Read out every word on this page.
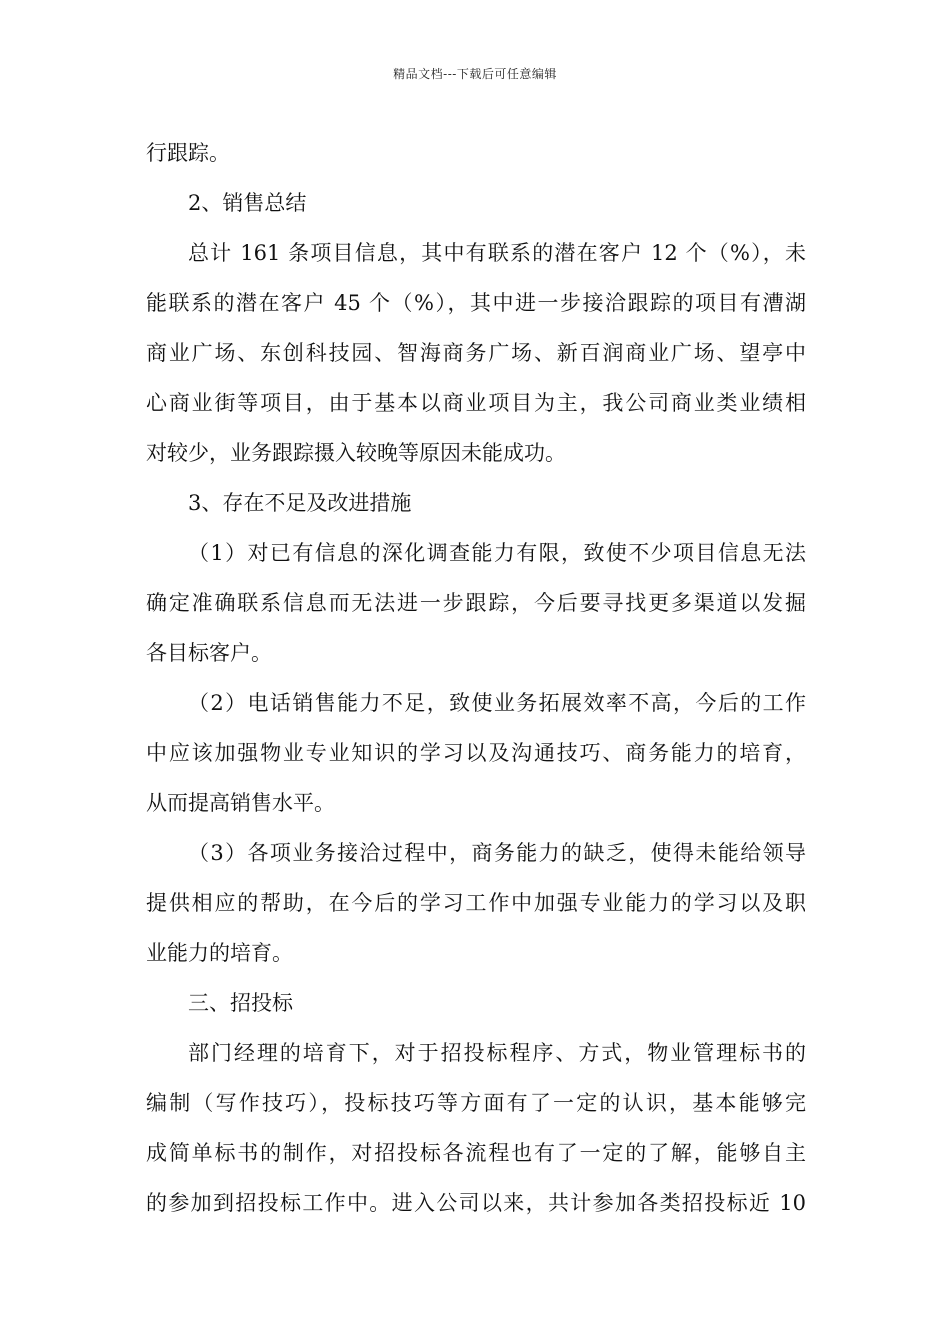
精品文档---下载后可任意编辑
行跟踪。
2、销售总结
总计 161 条项目信息，其中有联系的潜在客户 12 个（%），未
能联系的潜在客户 45 个（%），其中进一步接洽跟踪的项目有漕湖
商业广场、东创科技园、智海商务广场、新百润商业广场、望亭中
心商业街等项目，由于基本以商业项目为主，我公司商业类业绩相
对较少，业务跟踪摄入较晚等原因未能成功。
3、存在不足及改进措施
（1）对已有信息的深化调查能力有限，致使不少项目信息无法
确定准确联系信息而无法进一步跟踪，今后要寻找更多渠道以发掘
各目标客户。
（2）电话销售能力不足，致使业务拓展效率不高，今后的工作
中应该加强物业专业知识的学习以及沟通技巧、商务能力的培育，
从而提高销售水平。
（3）各项业务接洽过程中，商务能力的缺乏，使得未能给领导
提供相应的帮助，在今后的学习工作中加强专业能力的学习以及职
业能力的培育。
三、招投标
部门经理的培育下，对于招投标程序、方式，物业管理标书的
编制（写作技巧），投标技巧等方面有了一定的认识，基本能够完
成简单标书的制作，对招投标各流程也有了一定的了解，能够自主
的参加到招投标工作中。进入公司以来，共计参加各类招投标近 10
